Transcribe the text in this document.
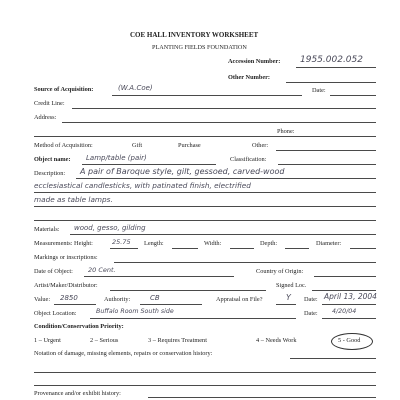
COE HALL INVENTORY WORKSHEET
PLANTING FIELDS FOUNDATION
Accession Number: 1955.002.052
Other Number:
Source of Acquisition:	(W.A.Coe)	Date:
Credit Line:
Address:
Phone:
Method of Acquisition:	Gift	Purchase	Other:
Object name: Lamp/table (pair)	Classification:
Description: A pair of Baroque style, gilt, gessoed, carved-wood
ecclesiastical candlesticks, with patinated finish, electrified
made as table lamps.
Materials: wood, gesso, gilding
Measurements: Height:	25.75 Length:	Width:	Depth:	Diameter:
Markings or inscriptions:
Date of Object: 20 Cent.	Country of Origin:
Artist/Maker/Distributor:	Signed Loc.
Value: 2850	Authority:	CB	Appraisal on File?	Y Date: April 13, 2004
Object Location:	Buffalo Room South side	Date: 4/20/04
Condition/Conservation Priority:
1 – Urgent	2 – Serious	3 – Requires Treatment	4 – Needs Work	5 - Good
Notation of damage, missing elements, repairs or conservation history:
Provenance and/or exhibit history:
